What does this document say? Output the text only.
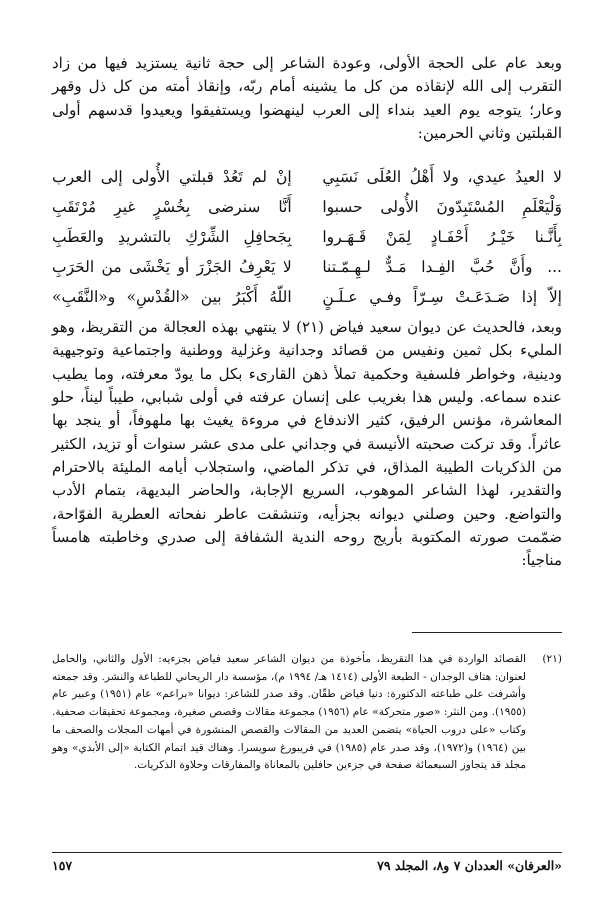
وبعد عام على الحجة الأولى، وعودة الشاعر إلى حجة ثانية يستزيد فيها من زاد التقرب إلى الله لإنقاذه من كل ما يشينه أمام ربّه، وإنقاذ أمته من كل ذل وقهر وعار؛ يتوجه يوم العيد بنداء إلى العرب لينهضوا ويستفيقوا ويعيدوا قدسهم أولى القبلتين وثاني الحرمين:

لا العيدُ عيدي، ولا أَهْلُ العُلَى نَسَبِي
إنْ لم تَعُدْ قبلتي الأُولى إلى العرب
وَلْيَعْلَمِ المُسْتَبِدّونَ الأُولى حسبوا
أَنَّا سنرضى بِخُسْرٍ غيرِ مُرْتَقَبِ
بِأَنَّـنا خَيْـرُ أَحْفَـادٍ لِمَنْ قَـهَـروا
بِجَحافِلِ الشِّرْكِ بالتشريدِ والعَطَبِ
... وأَنَّ حُبَّ الفِـدا مَـدٌّ لـهِـمّـتنا
لا يَعْرِفُ الجَزْرَ أو يَخْشَى من الحَرَبِ
إلاّ إذا صَـدَعَـتْ سِـرّاً وفـي عـلَـنٍ
اللّهُ أَكْبَرُ بين «القُدْسِ» و«النَّقَبِ»

وبعد، فالحديث عن ديوان سعيد فياض (٢١) لا ينتهي بهذه العجالة من التقريظ، وهو المليء بكل ثمين ونفيس من قصائد وجدانية وغزلية ووطنية واجتماعية وتوجيهية ودينية، وخواطر فلسفية وحكمية تملأ ذهن القارىء بكل ما يودّ معرفته، وما يطيب عنده سماعه. وليس هذا بغريب على إنسان عرفته في أولى شبابي، طيباً ليناً، حلو المعاشرة، مؤنس الرفيق، كثير الاندفاع في مروءة يغيث بها ملهوفاً، أو ينجد بها عاثراً. وقد تركت صحبته الأنيسة في وجداني على مدى عشر سنوات أو تزيد، الكثير من الذكريات الطيبة المذاق، في تذكر الماضي، واستجلاب أيامه المليئة بالاحترام والتقدير، لهذا الشاعر الموهوب، السريع الإجابة، والحاضر البديهة، بتمام الأدب والتواضع. وحين وصلني ديوانه بجزأيه، وتنشقت عاطر نفحاته العطرية الفوّاحة، ضمّمت صورته المكتوبة بأريج روحه الندية الشفافة إلى صدري وخاطبته هامساً مناجياً:

(٢١)

القصائد الواردة في هذا التقريظ، مأخوذة من ديوان الشاعر سعيد فياض بجزءيه: الأول والثاني، والحامل لعنوان: هتاف الوجدان - الطبعة الأولى (١٤١٤ هـ/ ١٩٩٤ م)، مؤسسة دار الريحاني للطباعة والنشر. وقد جمعته وأشرفت على طباعته الدكتورة: دنيا فياض طقّان. وقد صدر للشاعر: ديوانا «براعم» عام (١٩٥١) وعبير عام (١٩٥٥). ومن النثر: «صور متحركة» عام (١٩٥٦) مجموعة مقالات وقصص صغيرة، ومجموعة تحقيقات صحفية. وكتاب «على دروب الحياة» يتضمن العديد من المقالات والقصص المنشورة في أمهات المجلات والصحف ما بين (١٩٦٤) و(١٩٧٢)، وقد صدر عام (١٩٨٥) في فريبورغ سويسرا. وهناك قيد اتمام الكتابة «إلى الأبدي» وهو مجلد قد يتجاوز السبعمائة صفحة في جزءين حافلين بالمعاناة والمفارقات وحلاوة الذكريات.

«العرفان» العددان ٧ و٨، المجلد ٧٩
١٥٧
